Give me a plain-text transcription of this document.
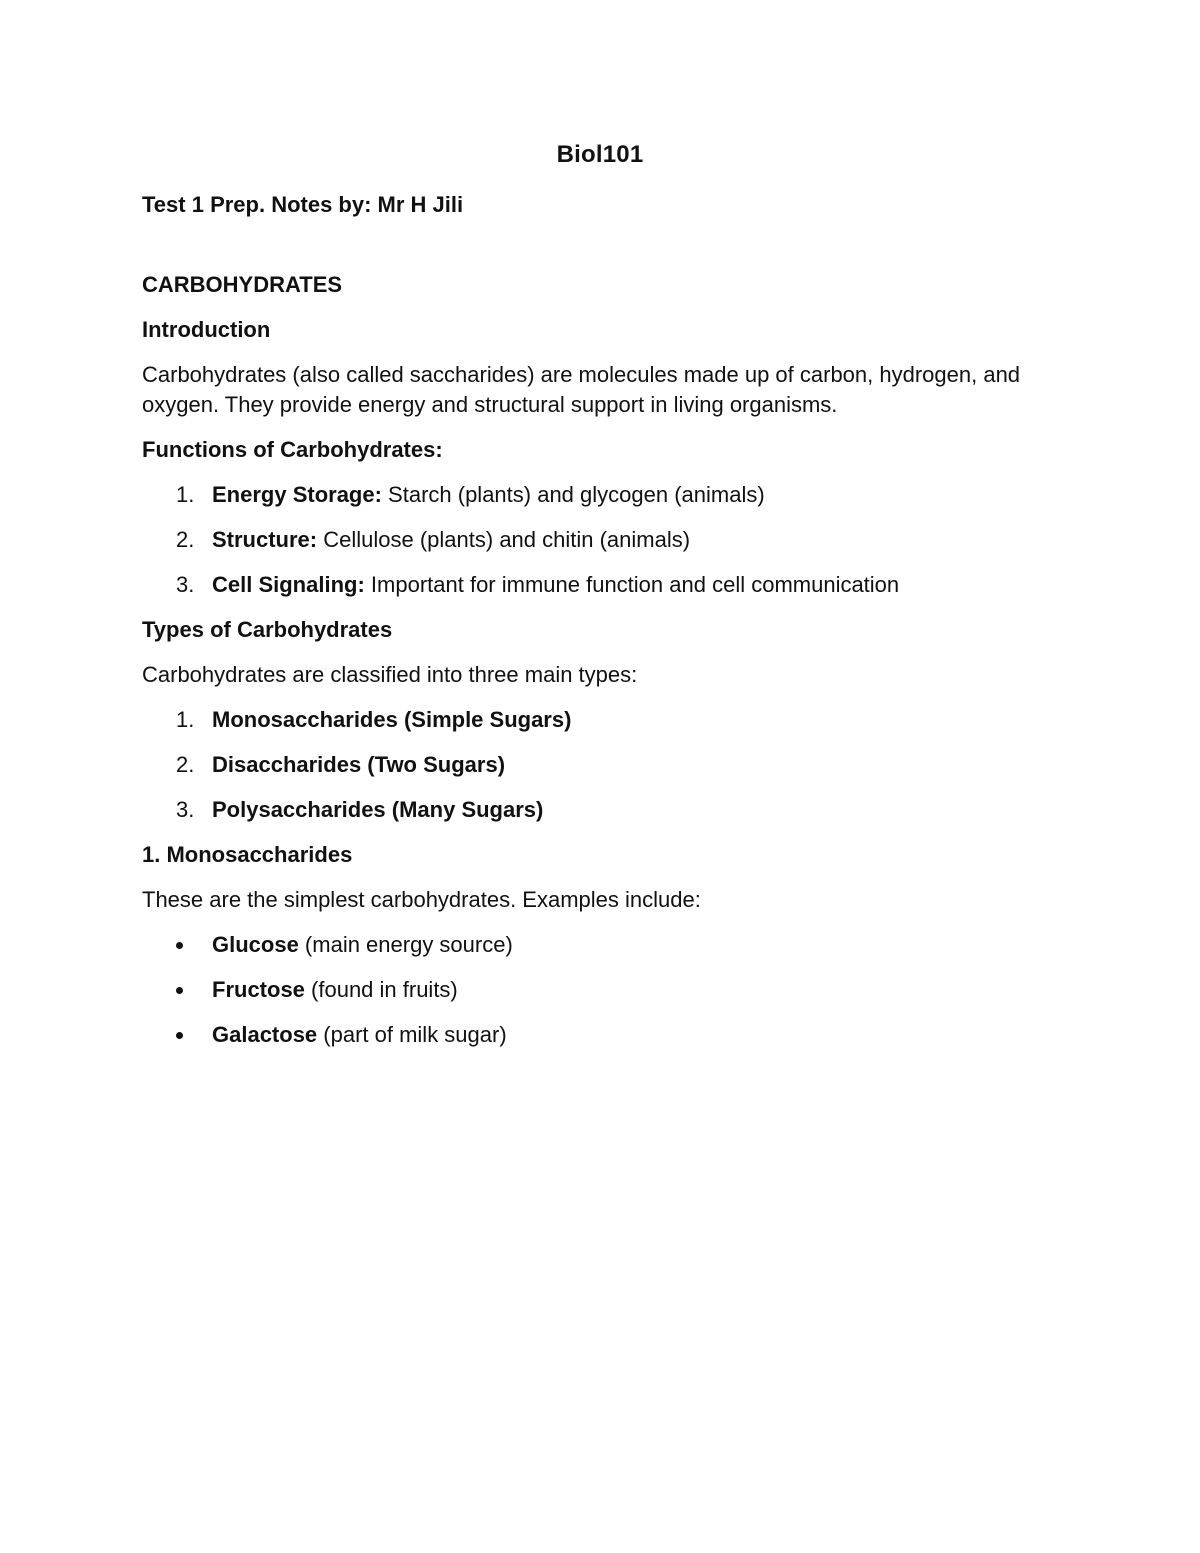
Biol101
Test 1 Prep. Notes by: Mr H Jili
CARBOHYDRATES
Introduction
Carbohydrates (also called saccharides) are molecules made up of carbon, hydrogen, and oxygen. They provide energy and structural support in living organisms.
Functions of Carbohydrates:
1. Energy Storage: Starch (plants) and glycogen (animals)
2. Structure: Cellulose (plants) and chitin (animals)
3. Cell Signaling: Important for immune function and cell communication
Types of Carbohydrates
Carbohydrates are classified into three main types:
1. Monosaccharides (Simple Sugars)
2. Disaccharides (Two Sugars)
3. Polysaccharides (Many Sugars)
1. Monosaccharides
These are the simplest carbohydrates. Examples include:
Glucose (main energy source)
Fructose (found in fruits)
Galactose (part of milk sugar)
